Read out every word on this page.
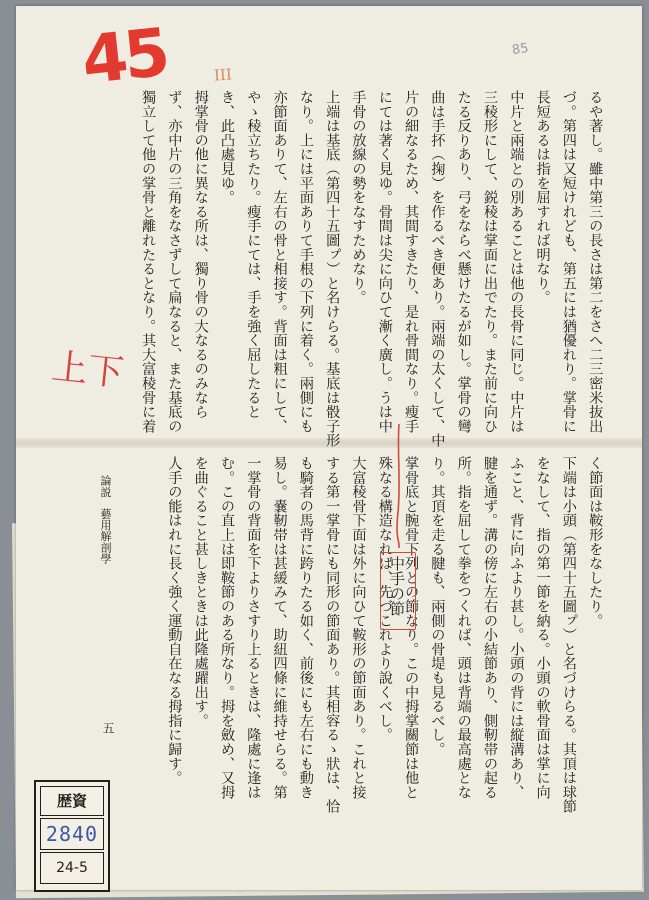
るや著し。雖中第三の長さは第二をさへ二三密米抜出
づ。第四は又短けれども、第五には猶優れり。掌骨に
長短あるは指を屈すれば明なり。
中片と兩端との別あることは他の長骨に同じ。中片は
三稜形にして、鋭稜は掌面に出でたり。また前に向ひ
たる反りあり、弓をならべ懸けたるが如し。掌骨の彎
曲は手抔（掬）を作るべき便あり。兩端の太くして、中
片の細なるため、其間すきたり、是れ骨間なり。瘦手
にては著く見ゆ。骨間は尖に向ひて漸く廣し。うは中
手骨の放線の勢をなすためなり。
上端は基底（第四十五圖ㇷ゚）と名けらる。基底は骰子形
なり。上には平面ありて手根の下列に着く。兩側にも
亦節面ありて、左右の骨と相接す。背面は粗にして、
やゝ稜立ちたり。瘦手にては、手を強く屈したると
き、此凸處見ゆ。
拇掌骨の他に異なる所は、獨り骨の大なるのみなら
ず、亦中片の三角をなさずして扁なると、また基底の
獨立して他の掌骨と離れたるとなり。其大富稜骨に着
く節面は鞍形をなしたり。
下端は小頭（第四十五圖ㇷ゚）と名づけらる。其頂は球節
をなして、指の第一節を納る。小頭の軟骨面は掌に向
ふこと、背に向ふより甚し。小頭の背には縦溝あり、
腱を通ず。溝の傍に左右の小結節あり、側靭帯の起る
所。指を屈して拳をつくれば、頭は背端の最高處とな
り。其頂を走る腱も、兩側の骨堤も見るべし。
掌骨底と腕骨下列との節なり。この中拇掌關節は他と
殊なる構造なれば、先づこれより說くべし。
大富稜骨下面は外に向ひて鞍形の節面あり。これと接
する第一掌骨にも同形の節面あり。其相容るゝ狀は、恰
も騎者の馬背に跨りたる如く、前後にも左右にも動き
易し。嚢靭帯は甚緩みて、助紐四條に維持せらる。第
一掌骨の背面を下よりさすり上るときは、隆處に逢は
む。この直上は即鞍節のある所なり。拇を斂め、又拇
を曲ぐること甚しきときは此隆處躍出す。
人手の能はれに長く強く運動自在なる拇指に歸す。
論説　藝用解剖學
五
中手の節
45	85
III
上下
歴資
2840
24-5
